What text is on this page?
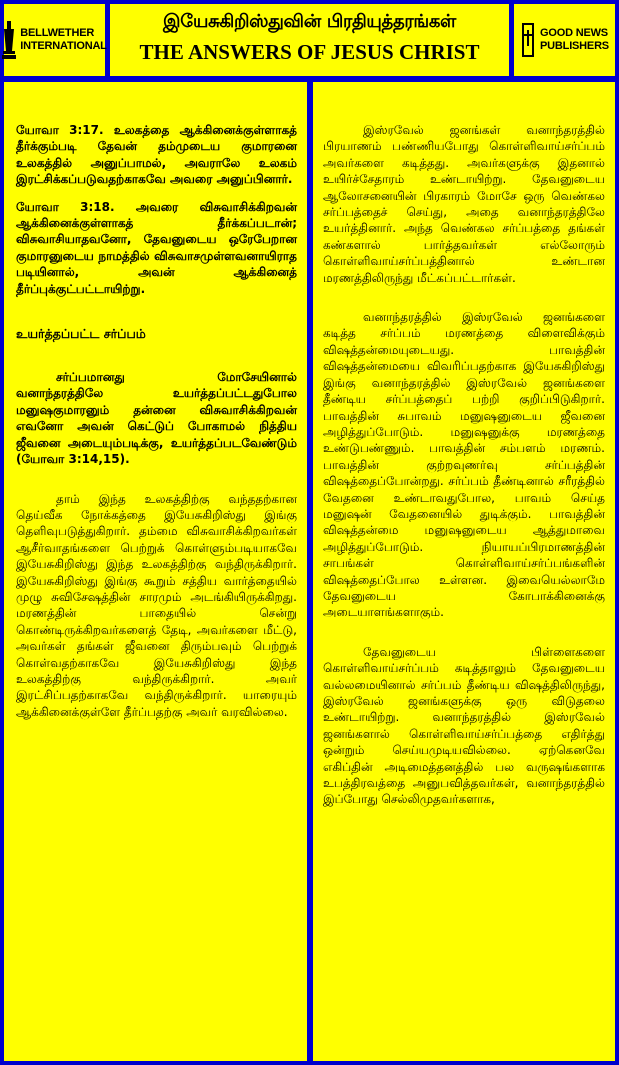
BELLWETHER
INTERNATIONAL
இயேசுகிறிஸ்துவின் பிரதியுத்தரங்கள்
THE ANSWERS OF JESUS CHRIST
GOOD NEWS
PUBLISHERS

யோவா 3:17. உலகத்தை ஆக்கினைக்குள்ளாகத் தீர்க்கும்படி தேவன் தம்முடைய குமாரனை உலகத்தில் அனுப்பாமல், அவராலே உலகம் இரட்சிக்கப்படுவதற்காகவே அவரை அனுப்பினார்.

யோவா 3:18. அவரை விசுவாசிக்கிறவன் ஆக்கினைக்குள்ளாகத் தீர்க்கப்படான்; விசுவாசியாதவனோ, தேவனுடைய ஒரேபேறான குமாரனுடைய நாமத்தில் விசுவாசமுள்ளவனாயிராத படியினால், அவன் ஆக்கினைத் தீர்ப்புக்குட்பட்டாயிற்று.

உயர்த்தப்பட்ட சர்ப்பம்

சர்ப்பமானது மோசேயினால் வனாந்தரத்திலே உயர்த்தப்பட்டதுபோல மனுஷகுமாரனும் தன்னை விசுவாசிக்கிறவன் எவனோ அவன் கெட்டுப் போகாமல் நித்திய ஜீவனை அடையும்படிக்கு, உயர்த்தப்படவேண்டும் (யோவா 3:14,15).

தாம் இந்த உலகத்திற்கு வந்ததற்கான தெய்வீக நோக்கத்தை இயேசுகிறிஸ்து இங்கு தெளிவுபடுத்துகிறார். தம்மை விசுவாசிக்கிறவர்கள் ஆசீர்வாதங்களை பெற்றுக் கொள்ளும்படியாகவே இயேசுகிறிஸ்து இந்த உலகத்திற்கு வந்திருக்கிறார். இயேசுகிறிஸ்து இங்கு கூறும் சத்திய வார்த்தையில் முழு சுவிசேஷத்தின் சாரமும் அடங்கியிருக்கிறது. மரணத்தின் பாதையில் சென்று கொண்டிருக்கிறவர்களைத் தேடி, அவர்களை மீட்டு, அவர்கள் தங்கள் ஜீவனை திரும்பவும் பெற்றுக் கொள்வதற்காகவே இயேசுகிறிஸ்து இந்த உலகத்திற்கு வந்திருக்கிறார். அவர் இரட்சிப்பதற்காகவே வந்திருக்கிறார். யாரையும் ஆக்கினைக்குள்ளே தீர்ப்பதற்கு அவர் வரவில்லை.

இஸ்ரவேல் ஜனங்கள் வனாந்தரத்தில் பிரயாணம் பண்ணியபோது கொள்ளிவாய்சர்ப்பம் அவர்களை கடித்தது. அவர்களுக்கு இதனால் உயிர்ச்சேதாரம் உண்டாயிற்று. தேவனுடைய ஆலோசனையின் பிரகாரம் மோசே ஒரு வெண்கல சர்ப்பத்தைச் செய்து, அதை வனாந்தரத்திலே உயர்த்தினார். அந்த வெண்கல சர்ப்பத்தை தங்கள் கண்களால் பார்த்தவர்கள் எல்லோரும் கொள்ளிவாய்சர்ப்பத்தினால் உண்டான மரணத்திலிருந்து மீட்கப்பட்டார்கள்.

வனாந்தரத்தில் இஸ்ரவேல் ஜனங்களை கடித்த சர்ப்பம் மரணத்தை விளைவிக்கும் விஷத்தன்மையுடையது. பாவத்தின் விஷத்தன்மையை விவரிப்பதற்காக இயேசுகிறிஸ்து இங்கு வனாந்தரத்தில் இஸ்ரவேல் ஜனங்களை தீண்டிய சர்ப்பத்தைப் பற்றி குறிப்பிடுகிறார். பாவத்தின் சுபாவம் மனுஷனுடைய ஜீவனை அழித்துப்போடும். மனுஷனுக்கு மரணத்தை உண்டுபண்ணும். பாவத்தின் சம்பளம் மரணம். பாவத்தின் குற்றவுணர்வு சர்ப்பத்தின் விஷத்தைப்போன்றது. சர்ப்பம் தீண்டினால் சரீரத்தில் வேதனை உண்டாவதுபோல, பாவம் செய்த மனுஷன் வேதனையில் துடிக்கும். பாவத்தின் விஷத்தன்மை மனுஷனுடைய ஆத்துமாவை அழித்துப்போடும். நியாயப்பிரமாணத்தின் சாபங்கள் கொள்ளிவாய்சர்ப்பங்களின் விஷத்தைப்போல உள்ளன. இவையெல்லாமே தேவனுடைய கோபாக்கினைக்கு அடையாளங்களாகும்.

தேவனுடைய பிள்ளைகளை கொள்ளிவாய்சர்ப்பம் கடித்தாலும் தேவனுடைய வல்லமையினால் சர்ப்பம் தீண்டிய விஷத்திலிருந்து, இஸ்ரவேல் ஜனங்களுக்கு ஒரு விடுதலை உண்டாயிற்று. வனாந்தரத்தில் இஸ்ரவேல் ஜனங்களால் கொள்ளிவாய்சர்ப்பத்தை எதிர்த்து ஒன்றும் செய்யமுடியவில்லை. ஏற்கெனவே எகிப்தின் அடிமைத்தனத்தில் பல வருஷங்களாக உபத்திரவத்தை அனுபவித்தவர்கள், வனாந்தரத்தில் இப்போது செல்லிமுதவர்களாக,
